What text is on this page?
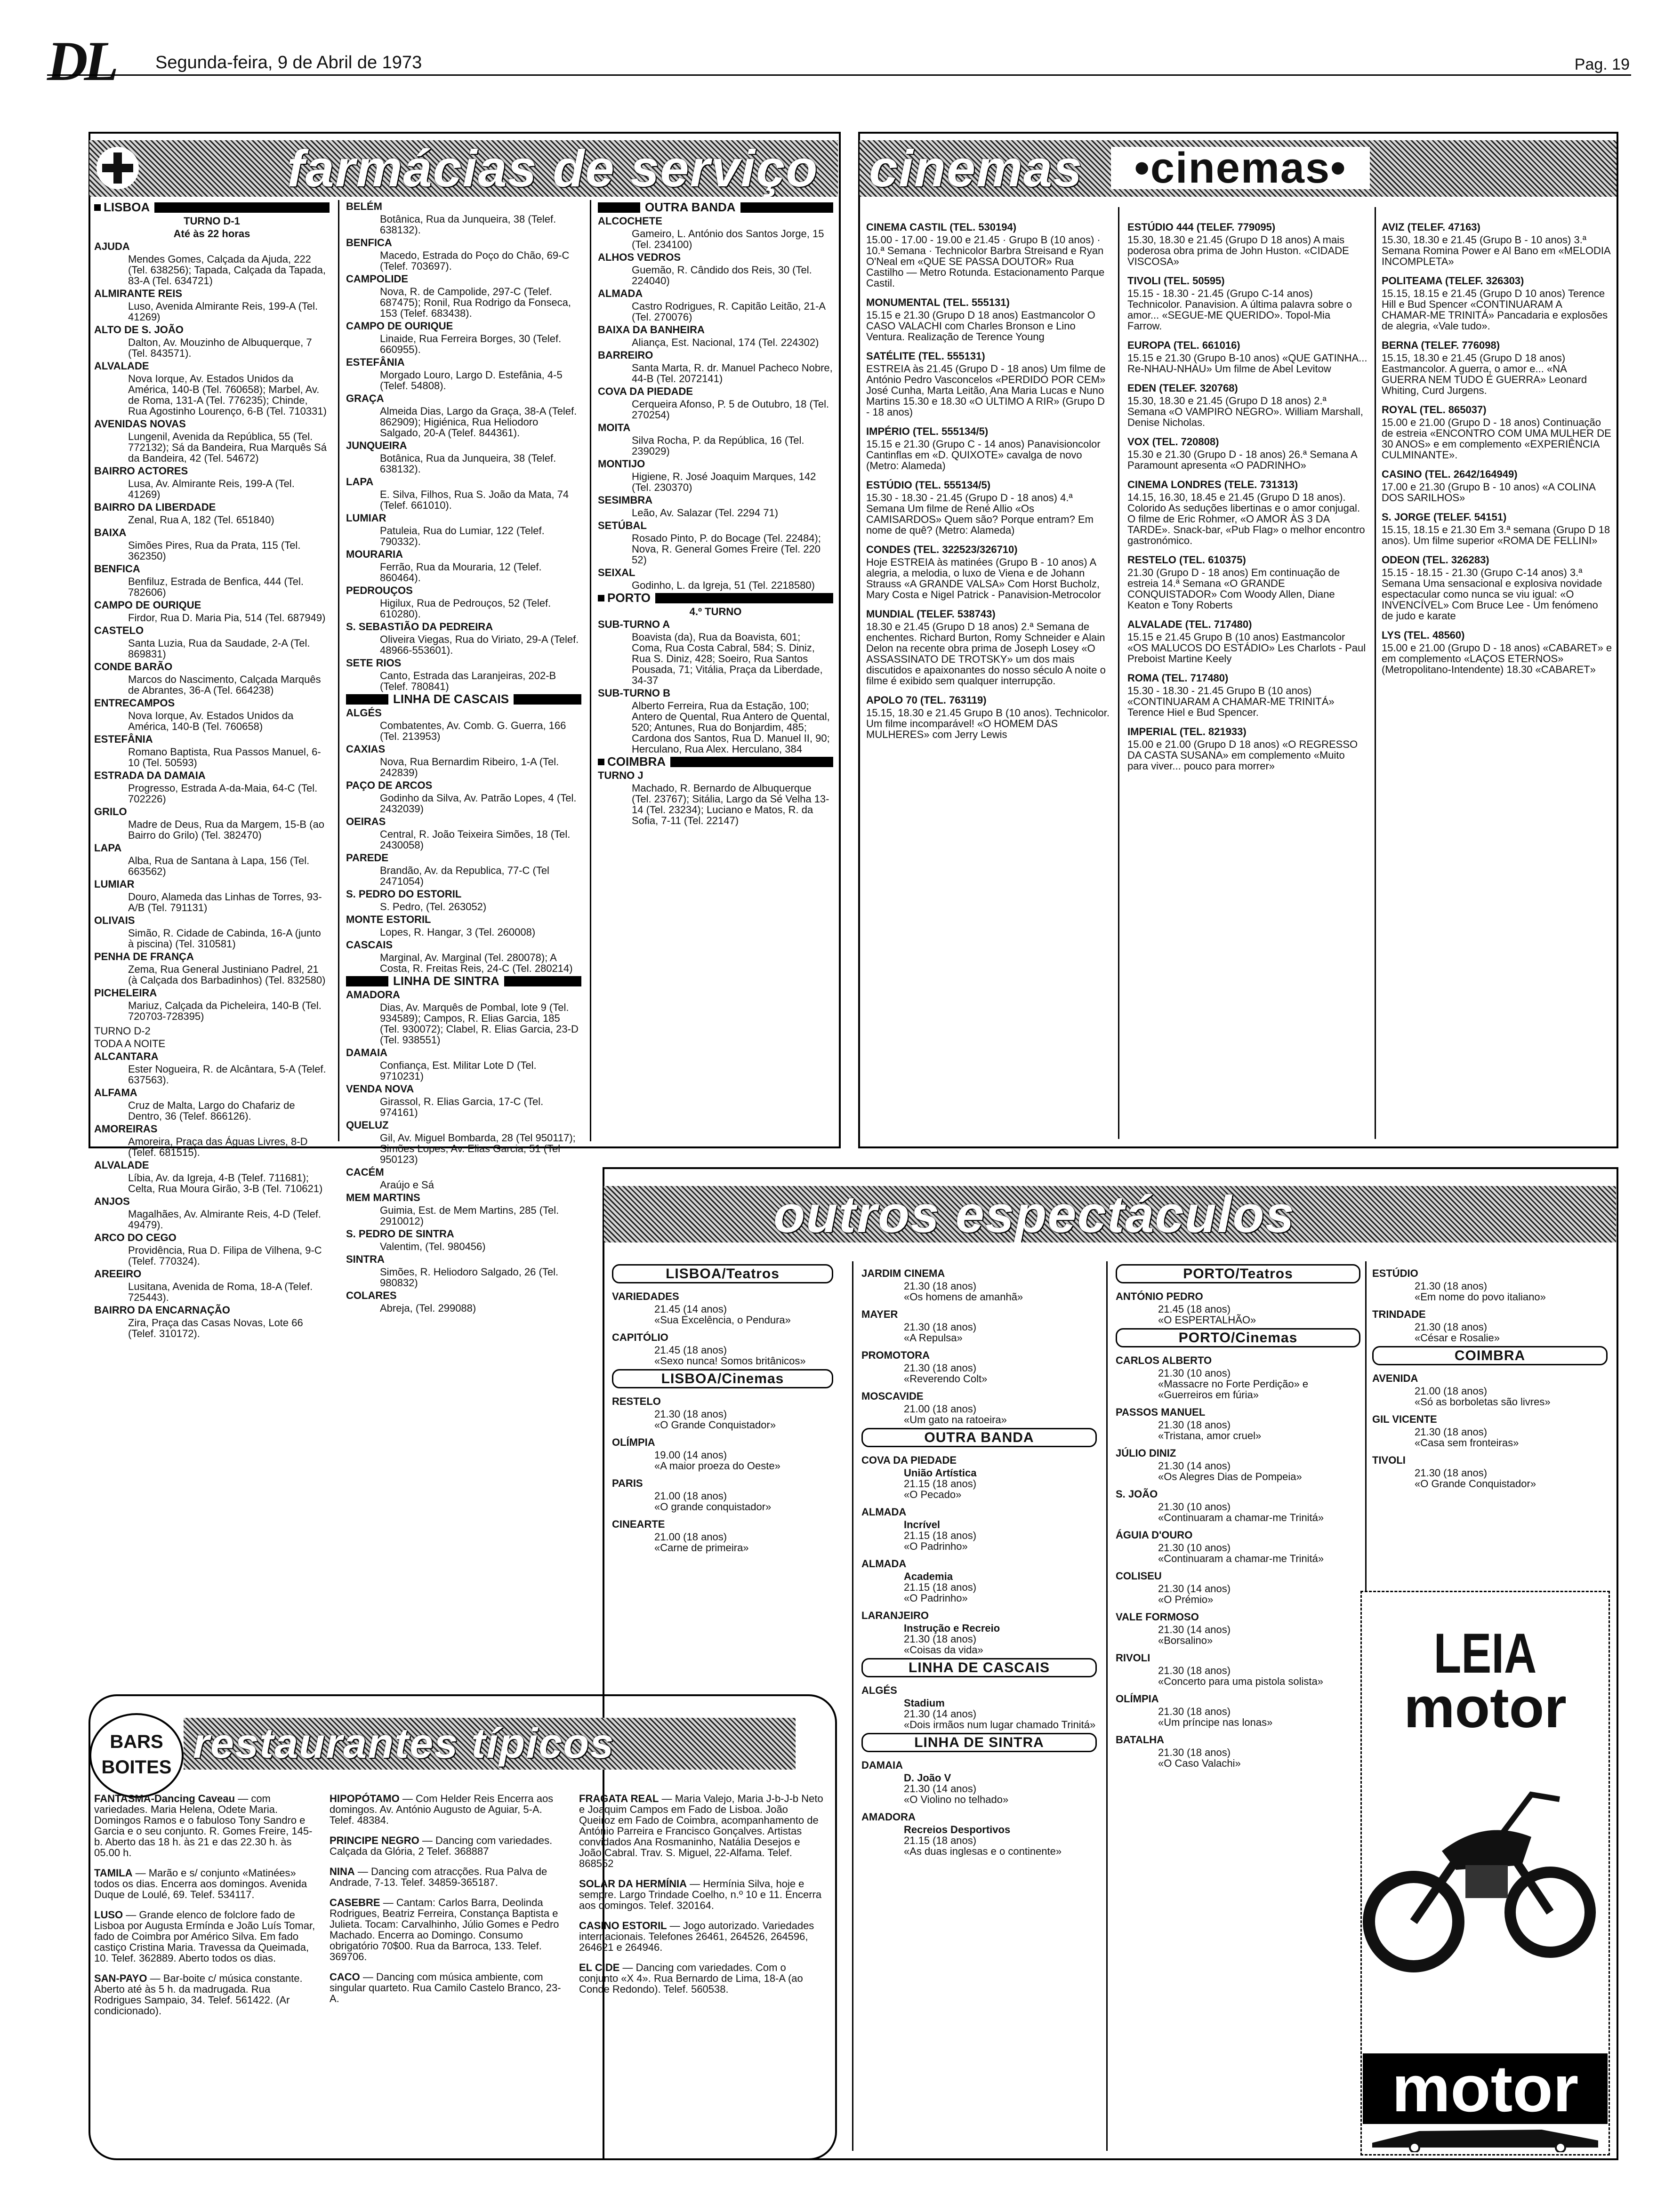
DL Segunda-feira, 9 de Abril de 1973	Pag. 19
farmácias de serviço cinemas	•cinemas•
LISBOA

TURNO D-1

Até às 22 horas

AJUDA

Mendes Gomes, Calçada da Ajuda, 222 (Tel. 638256); Tapada, Calçada da Tapada, 83-A (Tel. 634721)

ALMIRANTE REIS

Luso, Avenida Almirante Reis, 199-A (Tel. 41269)

ALTO DE S. JOÃO

Dalton, Av. Mouzinho de Albuquerque, 7 (Tel. 843571).

ALVALADE

Nova Iorque, Av. Estados Unidos da América, 140-B (Tel. 760658); Marbel, Av. de Roma, 131-A (Tel. 776235); Chinde, Rua Agostinho Lourenço, 6-B (Tel. 710331)

AVENIDAS NOVAS

Lungenil, Avenida da República, 55 (Tel. 772132); Sá da Bandeira, Rua Marquês Sá da Bandeira, 42 (Tel. 54672)

BAIRRO ACTORES

Lusa, Av. Almirante Reis, 199-A (Tel. 41269)

BAIRRO DA LIBERDADE

Zenal, Rua A, 182 (Tel. 651840)

BAIXA

Simões Pires, Rua da Prata, 115 (Tel. 362350)

BENFICA

Benfiluz, Estrada de Benfica, 444 (Tel. 782606)

CAMPO DE OURIQUE

Firdor, Rua D. Maria Pia, 514 (Tel. 687949)

CASTELO

Santa Luzia, Rua da Saudade, 2-A (Tel. 869831)

CONDE BARÃO

Marcos do Nascimento, Calçada Marquês de Abrantes, 36-A (Tel. 664238)

ENTRECAMPOS

Nova Iorque, Av. Estados Unidos da América, 140-B (Tel. 760658)

ESTEFÂNIA

Romano Baptista, Rua Passos Manuel, 6-10 (Tel. 50593)

ESTRADA DA DAMAIA

Progresso, Estrada A-da-Maia, 64-C (Tel. 702226)

GRILO

Madre de Deus, Rua da Margem, 15-B (ao Bairro do Grilo) (Tel. 382470)

LAPA

Alba, Rua de Santana à Lapa, 156 (Tel. 663562)

LUMIAR

Douro, Alameda das Linhas de Torres, 93-A/B (Tel. 791131)

OLIVAIS

Simão, R. Cidade de Cabinda, 16-A (junto à piscina) (Tel. 310581)

PENHA DE FRANÇA

Zema, Rua General Justiniano Padrel, 21 (à Calçada dos Barbadinhos) (Tel. 832580)

PICHELEIRA

Mariuz, Calçada da Picheleira, 140-B (Tel. 720703-728395)

TURNO D-2

TODA A NOITE

ALCANTARA

Ester Nogueira, R. de Alcântara, 5-A (Telef. 637563).

ALFAMA

Cruz de Malta, Largo do Chafariz de Dentro, 36 (Telef. 866126).

AMOREIRAS

Amoreira, Praça das Águas Livres, 8-D (Telef. 681515).

ALVALADE

Líbia, Av. da Igreja, 4-B (Telef. 711681); Celta, Rua Moura Girão, 3-B (Tel. 710621)

ANJOS

Magalhães, Av. Almirante Reis, 4-D (Telef. 49479).

ARCO DO CEGO

Providência, Rua D. Filipa de Vilhena, 9-C (Telef. 770324).

AREEIRO

Lusitana, Avenida de Roma, 18-A (Telef. 725443).

BAIRRO DA ENCARNAÇÃO

Zira, Praça das Casas Novas, Lote 66 (Telef. 310172).

BELÉM

Botânica, Rua da Junqueira, 38 (Telef. 638132).

BENFICA

Macedo, Estrada do Poço do Chão, 69-C (Telef. 703697).

CAMPOLIDE

Nova, R. de Campolide, 297-C (Telef. 687475); Ronil, Rua Rodrigo da Fonseca, 153 (Telef. 683438).

CAMPO DE OURIQUE

Linaide, Rua Ferreira Borges, 30 (Telef. 660955).

ESTEFÂNIA

Morgado Louro, Largo D. Estefânia, 4-5 (Telef. 54808).

GRAÇA

Almeida Dias, Largo da Graça, 38-A (Telef. 862909); Higiénica, Rua Heliodoro Salgado, 20-A (Telef. 844361).

JUNQUEIRA

Botânica, Rua da Junqueira, 38 (Telef. 638132).

LAPA

E. Silva, Filhos, Rua S. João da Mata, 74 (Telef. 661010).

LUMIAR

Patuleia, Rua do Lumiar, 122 (Telef. 790332).

MOURARIA

Ferrão, Rua da Mouraria, 12 (Telef. 860464).

PEDROUÇOS

Higilux, Rua de Pedrouços, 52 (Telef. 610280).

S. SEBASTIÃO DA PEDREIRA

Oliveira Viegas, Rua do Viriato, 29-A (Telef. 48966-553601).

SETE RIOS

Canto, Estrada das Laranjeiras, 202-B (Telef. 780841)

LINHA DE CASCAIS

ALGÉS

Combatentes, Av. Comb. G. Guerra, 166 (Tel. 213953)

CAXIAS

Nova, Rua Bernardim Ribeiro, 1-A (Tel. 242839)

PAÇO DE ARCOS

Godinho da Silva, Av. Patrão Lopes, 4 (Tel. 2432039)

OEIRAS

Central, R. João Teixeira Simões, 18 (Tel. 2430058)

PAREDE

Brandão, Av. da Republica, 77-C (Tel 2471054)

S. PEDRO DO ESTORIL

S. Pedro, (Tel. 263052)

MONTE ESTORIL

Lopes, R. Hangar, 3 (Tel. 260008)

CASCAIS

Marginal, Av. Marginal (Tel. 280078); A Costa, R. Freitas Reis, 24-C (Tel. 280214)

LINHA DE SINTRA

AMADORA

Dias, Av. Marquês de Pombal, lote 9 (Tel. 934589); Campos, R. Elias Garcia, 185 (Tel. 930072); Clabel, R. Elias Garcia, 23-D (Tel. 938551)

DAMAIA

Confiança, Est. Militar Lote D (Tel. 9710231)

VENDA NOVA

Girassol, R. Elias Garcia, 17-C (Tel. 974161)

QUELUZ

Gil, Av. Miguel Bombarda, 28 (Tel 950117); Simões Lopes, Av. Elias Garcia, 51 (Tel 950123)

CACÉM

Araújo e Sá

MEM MARTINS

Guimia, Est. de Mem Martins, 285 (Tel. 2910012)

S. PEDRO DE SINTRA

Valentim, (Tel. 980456)

SINTRA

Simões, R. Heliodoro Salgado, 26 (Tel. 980832)

COLARES

Abreja, (Tel. 299088)

OUTRA BANDA

ALCOCHETE

Gameiro, L. António dos Santos Jorge, 15 (Tel. 234100)

ALHOS VEDROS

Guemão, R. Cândido dos Reis, 30 (Tel. 224040)

ALMADA

Castro Rodrigues, R. Capitão Leitão, 21-A (Tel. 270076)

BAIXA DA BANHEIRA

Aliança, Est. Nacional, 174 (Tel. 224302)

BARREIRO

Santa Marta, R. dr. Manuel Pacheco Nobre, 44-B (Tel. 2072141)

COVA DA PIEDADE

Cerqueira Afonso, P. 5 de Outubro, 18 (Tel. 270254)

MOITA

Silva Rocha, P. da República, 16 (Tel. 239029)

MONTIJO

Higiene, R. José Joaquim Marques, 142 (Tel. 230370)

SESIMBRA

Leão, Av. Salazar (Tel. 2294 71)

SETÚBAL

Rosado Pinto, P. do Bocage (Tel. 22484); Nova, R. General Gomes Freire (Tel. 220 52)

SEIXAL

Godinho, L. da Igreja, 51 (Tel. 2218580)

PORTO

4.º TURNO

SUB-TURNO A

Boavista (da), Rua da Boavista, 601; Coma, Rua Costa Cabral, 584; S. Diniz, Rua S. Diniz, 428; Soeiro, Rua Santos Pousada, 71; Vitália, Praça da Liberdade, 34-37

SUB-TURNO B

Alberto Ferreira, Rua da Estação, 100; Antero de Quental, Rua Antero de Quental, 520; Antunes, Rua do Bonjardim, 485; Cardona dos Santos, Rua D. Manuel II, 90; Herculano, Rua Alex. Herculano, 384

COIMBRA

TURNO J

Machado, R. Bernardo de Albuquerque (Tel. 23767); Sitália, Largo da Sé Velha 13-14 (Tel. 23234); Luciano e Matos, R. da Sofia, 7-11 (Tel. 22147)

CINEMA CASTIL (TEL. 530194)

15.00 - 17.00 - 19.00 e 21.45 · Grupo B (10 anos) · 10.ª Semana · Technicolor Barbra Streisand e Ryan O'Neal em «QUE SE PASSA DOUTOR» Rua Castilho — Metro Rotunda. Estacionamento Parque Castil.

MONUMENTAL (TEL. 555131)

15.15 e 21.30 (Grupo D 18 anos) Eastmancolor O CASO VALACHI com Charles Bronson e Lino Ventura. Realização de Terence Young

SATÉLITE (TEL. 555131)

ESTREIA às 21.45 (Grupo D - 18 anos) Um filme de António Pedro Vasconcelos «PERDIDO POR CEM» José Cunha, Marta Leitão, Ana Maria Lucas e Nuno Martins 15.30 e 18.30 «O ÚLTIMO A RIR» (Grupo D - 18 anos)

IMPÉRIO (TEL. 555134/5)

15.15 e 21.30 (Grupo C - 14 anos) Panavisioncolor Cantinflas em «D. QUIXOTE» cavalga de novo (Metro: Alameda)

ESTÚDIO (TEL. 555134/5)

15.30 - 18.30 - 21.45 (Grupo D - 18 anos) 4.ª Semana Um filme de René Allio «Os CAMISARDOS» Quem são? Porque entram? Em nome de quê? (Metro: Alameda)

CONDES (TEL. 322523/326710)

Hoje ESTREIA às matinées (Grupo B - 10 anos) A alegria, a melodia, o luxo de Viena e de Johann Strauss «A GRANDE VALSA» Com Horst Bucholz, Mary Costa e Nigel Patrick - Panavision-Metrocolor

MUNDIAL (TELEF. 538743)

18.30 e 21.45 (Grupo D 18 anos) 2.ª Semana de enchentes. Richard Burton, Romy Schneider e Alain Delon na recente obra prima de Joseph Losey «O ASSASSINATO DE TROTSKY» um dos mais discutidos e apaixonantes do nosso século A noite o filme é exibido sem qualquer interrupção.

APOLO 70 (TEL. 763119)

15.15, 18.30 e 21.45 Grupo B (10 anos). Technicolor. Um filme incomparável! «O HOMEM DAS MULHERES» com Jerry Lewis

ESTÚDIO 444 (TELEF. 779095)

15.30, 18.30 e 21.45 (Grupo D 18 anos) A mais poderosa obra prima de John Huston. «CIDADE VISCOSA»

TIVOLI (TEL. 50595)

15.15 - 18.30 - 21.45 (Grupo C-14 anos) Technicolor. Panavision. A última palavra sobre o amor... «SEGUE-ME QUERIDO». Topol-Mia Farrow.

EUROPA (TEL. 661016)

15.15 e 21.30 (Grupo B-10 anos) «QUE GATINHA... Re-NHAU-NHAU» Um filme de Abel Levitow

EDEN (TELEF. 320768)

15.30, 18.30 e 21.45 (Grupo D 18 anos) 2.ª Semana «O VAMPIRO NEGRO». William Marshall, Denise Nicholas.

VOX (TEL. 720808)

15.30 e 21.30 (Grupo D - 18 anos) 26.ª Semana A Paramount apresenta «O PADRINHO»

CINEMA LONDRES (TELE. 731313)

14.15, 16.30, 18.45 e 21.45 (Grupo D 18 anos). Colorido As seduções libertinas e o amor conjugal. O filme de Eric Rohmer, «O AMOR ÀS 3 DA TARDE». Snack-bar, «Pub Flag» o melhor encontro gastronómico.

RESTELO (TEL. 610375)

21.30 (Grupo D - 18 anos) Em continuação de estreia 14.ª Semana «O GRANDE CONQUISTADOR» Com Woody Allen, Diane Keaton e Tony Roberts

ALVALADE (TEL. 717480)

15.15 e 21.45 Grupo B (10 anos) Eastmancolor «OS MALUCOS DO ESTÁDIO» Les Charlots - Paul Preboist Martine Keely

ROMA (TEL. 717480)

15.30 - 18.30 - 21.45 Grupo B (10 anos) «CONTINUARAM A CHAMAR-ME TRINITÁ» Terence Hiel e Bud Spencer.

IMPERIAL (TEL. 821933)

15.00 e 21.00 (Grupo D 18 anos) «O REGRESSO DA CASTA SUSANA» em complemento «Muito para viver... pouco para morrer»

AVIZ (TELEF. 47163)

15.30, 18.30 e 21.45 (Grupo B - 10 anos) 3.ª Semana Romina Power e Al Bano em «MELODIA INCOMPLETA»

POLITEAMA (TELEF. 326303)

15.15, 18.15 e 21.45 (Grupo D 10 anos) Terence Hill e Bud Spencer «CONTINUARAM A CHAMAR-ME TRINITÁ» Pancadaria e explosões de alegria, «Vale tudo».

BERNA (TELEF. 776098)

15.15, 18.30 e 21.45 (Grupo D 18 anos) Eastmancolor. A guerra, o amor e... «NA GUERRA NEM TUDO É GUERRA» Leonard Whiting, Curd Jurgens.

ROYAL (TEL. 865037)

15.00 e 21.00 (Grupo D - 18 anos) Continuação de estreia «ENCONTRO COM UMA MULHER DE 30 ANOS» e em complemento «EXPERIÊNCIA CULMINANTE».

CASINO (TEL. 2642/164949)

17.00 e 21.30 (Grupo B - 10 anos) «A COLINA DOS SARILHOS»

S. JORGE (TELEF. 54151)

15.15, 18.15 e 21.30 Em 3.ª semana (Grupo D 18 anos). Um filme superior «ROMA DE FELLINI»

ODEON (TEL. 326283)

15.15 - 18.15 - 21.30 (Grupo C-14 anos) 3.ª Semana Uma sensacional e explosiva novidade espectacular como nunca se viu igual: «O INVENCÍVEL» Com Bruce Lee - Um fenómeno de judo e karate

LYS (TEL. 48560)

15.00 e 21.00 (Grupo D - 18 anos) «CABARET» e em complemento «LAÇOS ETERNOS» (Metropolitano-Intendente) 18.30 «CABARET»

outros espectáculos
LISBOA/Teatros

VARIEDADES

21.45 (14 anos)

«Sua Excelência, o Pendura»

CAPITÓLIO

21.45 (18 anos)

«Sexo nunca! Somos britânicos»

LISBOA/Cinemas

RESTELO

21.30 (18 anos)

«O Grande Conquistador»

OLÍMPIA

19.00 (14 anos)

«A maior proeza do Oeste»

PARIS

21.00 (18 anos)

«O grande conquistador»

CINEARTE

21.00 (18 anos)

«Carne de primeira»

JARDIM CINEMA

21.30 (18 anos)

«Os homens de amanhã»

MAYER

21.30 (18 anos)

«A Repulsa»

PROMOTORA

21.30 (18 anos)

«Reverendo Colt»

MOSCAVIDE

21.00 (18 anos)

«Um gato na ratoeira»

OUTRA BANDA

COVA DA PIEDADE

União Artística

21.15 (18 anos)

«O Pecado»

ALMADA

Incrível

21.15 (18 anos)

«O Padrinho»

ALMADA

Academia

21.15 (18 anos)

«O Padrinho»

LARANJEIRO

Instrução e Recreio

21.30 (18 anos)

«Coisas da vida»

LINHA DE CASCAIS

ALGÉS

Stadium

21.30 (14 anos)

«Dois irmãos num lugar chamado Trinitá»

LINHA DE SINTRA

DAMAIA

D. João V

21.30 (14 anos)

«O Violino no telhado»

AMADORA

Recreios Desportivos

21.15 (18 anos)

«As duas inglesas e o continente»

PORTO/Teatros

ANTÓNIO PEDRO

21.45 (18 anos)

«O ESPERTALHÃO»

PORTO/Cinemas

CARLOS ALBERTO

21.30 (10 anos)

«Massacre no Forte Perdição» e «Guerreiros em fúria»

PASSOS MANUEL

21.30 (18 anos)

«Tristana, amor cruel»

JÚLIO DINIZ

21.30 (14 anos)

«Os Alegres Dias de Pompeia»

S. JOÃO

21.30 (10 anos)

«Continuaram a chamar-me Trinitá»

ÁGUIA D'OURO

21.30 (10 anos)

«Continuaram a chamar-me Trinitá»

COLISEU

21.30 (14 anos)

«O Prémio»

VALE FORMOSO

21.30 (14 anos)

«Borsalino»

RIVOLI

21.30 (18 anos)

«Concerto para uma pistola solista»

OLÍMPIA

21.30 (18 anos)

«Um príncipe nas lonas»

BATALHA

21.30 (18 anos)

«O Caso Valachi»

ESTÚDIO

21.30 (18 anos)

«Em nome do povo italiano»

TRINDADE

21.30 (18 anos)

«César e Rosalie»

COIMBRA

AVENIDA

21.00 (18 anos)

«Só as borboletas são livres»

GIL VICENTE

21.30 (18 anos)

«Casa sem fronteiras»

TIVOLI

21.30 (18 anos)

«O Grande Conquistador»

LEIA
motor
motor
restaurantes típicos
BARS
BOITES

FANTASMA-Dancing Caveau — com variedades. Maria Helena, Odete Maria. Domingos Ramos e o fabuloso Tony Sandro e Garcia e o seu conjunto. R. Gomes Freire, 145-b. Aberto das 18 h. às 21 e das 22.30 h. às 05.00 h.

TAMILA — Marão e s/ conjunto «Matinées» todos os dias. Encerra aos domingos. Avenida Duque de Loulé, 69. Telef. 534117.

LUSO — Grande elenco de folclore fado de Lisboa por Augusta Ermínda e João Luís Tomar, fado de Coimbra por Américo Silva. Em fado castiço Cristina Maria. Travessa da Queimada, 10. Telef. 362889. Aberto todos os dias.

SAN-PAYO — Bar-boite c/ música constante. Aberto até às 5 h. da madrugada. Rua Rodrigues Sampaio, 34. Telef. 561422. (Ar condicionado).

HIPOPÓTAMO — Com Helder Reis Encerra aos domingos. Av. António Augusto de Aguiar, 5-A. Telef. 48384.

PRINCIPE NEGRO — Dancing com variedades. Calçada da Glória, 2 Telef. 368887

NINA — Dancing com atracções. Rua Palva de Andrade, 7-13. Telef. 34859-365187.

CASEBRE — Cantam: Carlos Barra, Deolinda Rodrigues, Beatriz Ferreira, Constança Baptista e Julieta. Tocam: Carvalhinho, Júlio Gomes e Pedro Machado. Encerra ao Domingo. Consumo obrigatório 70$00. Rua da Barroca, 133. Telef. 369706.

CACO — Dancing com música ambiente, com singular quarteto. Rua Camilo Castelo Branco, 23-A.

FRAGATA REAL — Maria Valejo, Maria J-b-J-b Neto e Joaquim Campos em Fado de Lisboa. João Queiroz em Fado de Coimbra, acompanhamento de António Parreira e Francisco Gonçalves. Artistas convidados Ana Rosmaninho, Natália Desejos e João Cabral. Trav. S. Miguel, 22-Alfama. Telef. 868552

SOLAR DA HERMÍNIA — Hermínia Silva, hoje e sempre. Largo Trindade Coelho, n.º 10 e 11. Encerra aos domingos. Telef. 320164.

CASINO ESTORIL — Jogo autorizado. Variedades internacionais. Telefones 26461, 264526, 264596, 264621 e 264946.

EL CIDE — Dancing com variedades. Com o conjunto «X 4». Rua Bernardo de Lima, 18-A (ao Conde Redondo). Telef. 560538.
